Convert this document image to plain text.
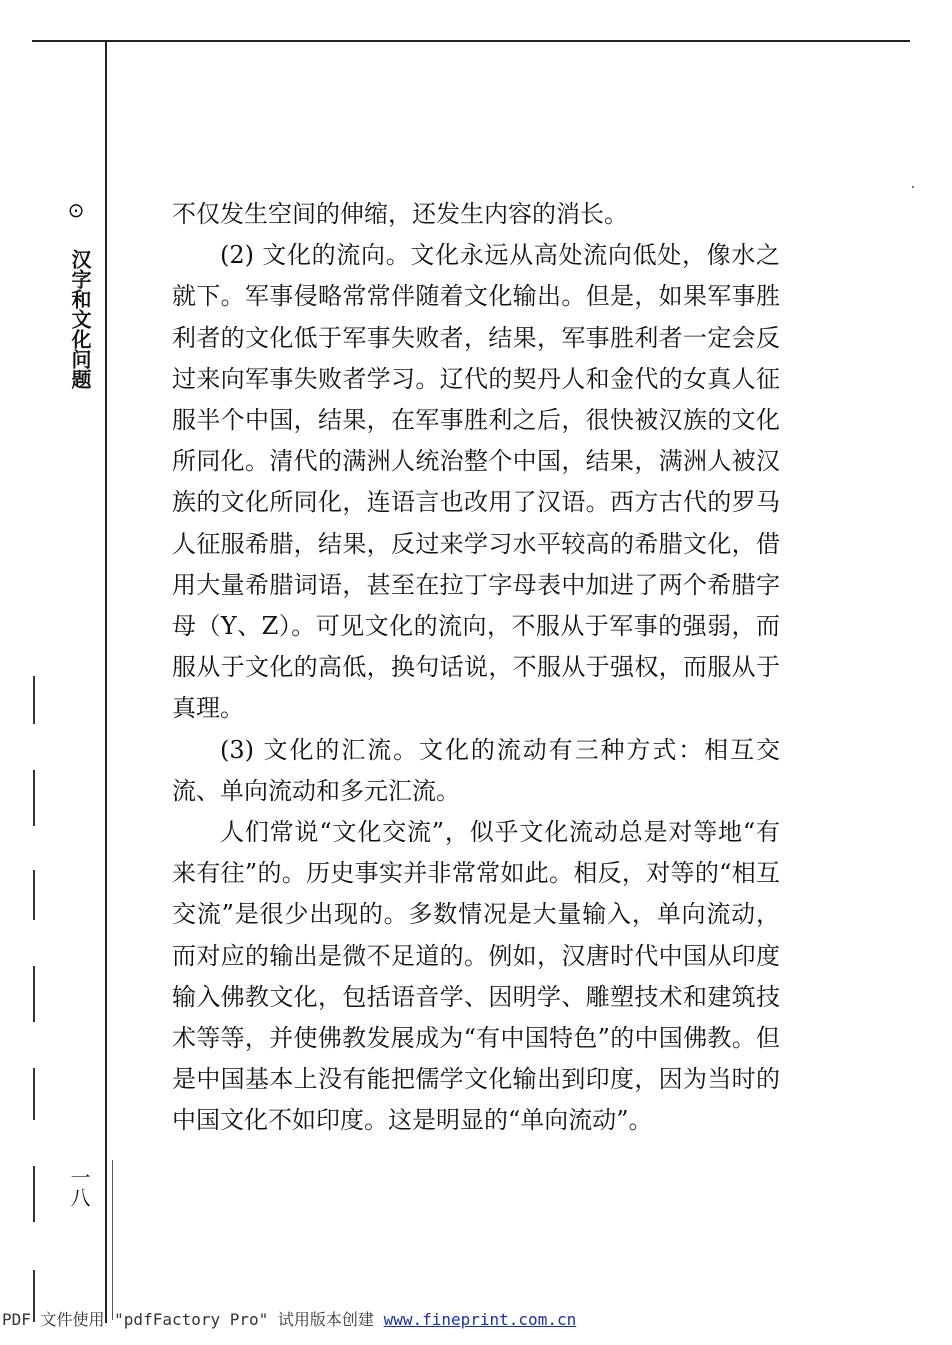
⊙
汉字和文化问题
一八

不仅发生空间的伸缩，还发生内容的消长。

(2) 文化的流向。文化永远从高处流向低处，像水之就下。军事侵略常常伴随着文化输出。但是，如果军事胜利者的文化低于军事失败者，结果，军事胜利者一定会反过来向军事失败者学习。辽代的契丹人和金代的女真人征服半个中国，结果，在军事胜利之后，很快被汉族的文化所同化。清代的满洲人统治整个中国，结果，满洲人被汉族的文化所同化，连语言也改用了汉语。西方古代的罗马人征服希腊，结果，反过来学习水平较高的希腊文化，借用大量希腊词语，甚至在拉丁字母表中加进了两个希腊字母（Y、Z）。可见文化的流向，不服从于军事的强弱，而服从于文化的高低，换句话说，不服从于强权，而服从于真理。

(3) 文化的汇流。文化的流动有三种方式：相互交流、单向流动和多元汇流。

人们常说“文化交流”，似乎文化流动总是对等地“有来有往”的。历史事实并非常常如此。相反，对等的“相互交流”是很少出现的。多数情况是大量输入，单向流动，而对应的输出是微不足道的。例如，汉唐时代中国从印度输入佛教文化，包括语音学、因明学、雕塑技术和建筑技术等等，并使佛教发展成为“有中国特色”的中国佛教。但是中国基本上没有能把儒学文化输出到印度，因为当时的中国文化不如印度。这是明显的“单向流动”。

PDF 文件使用 "pdfFactory Pro" 试用版本创建 www.fineprint.com.cn
